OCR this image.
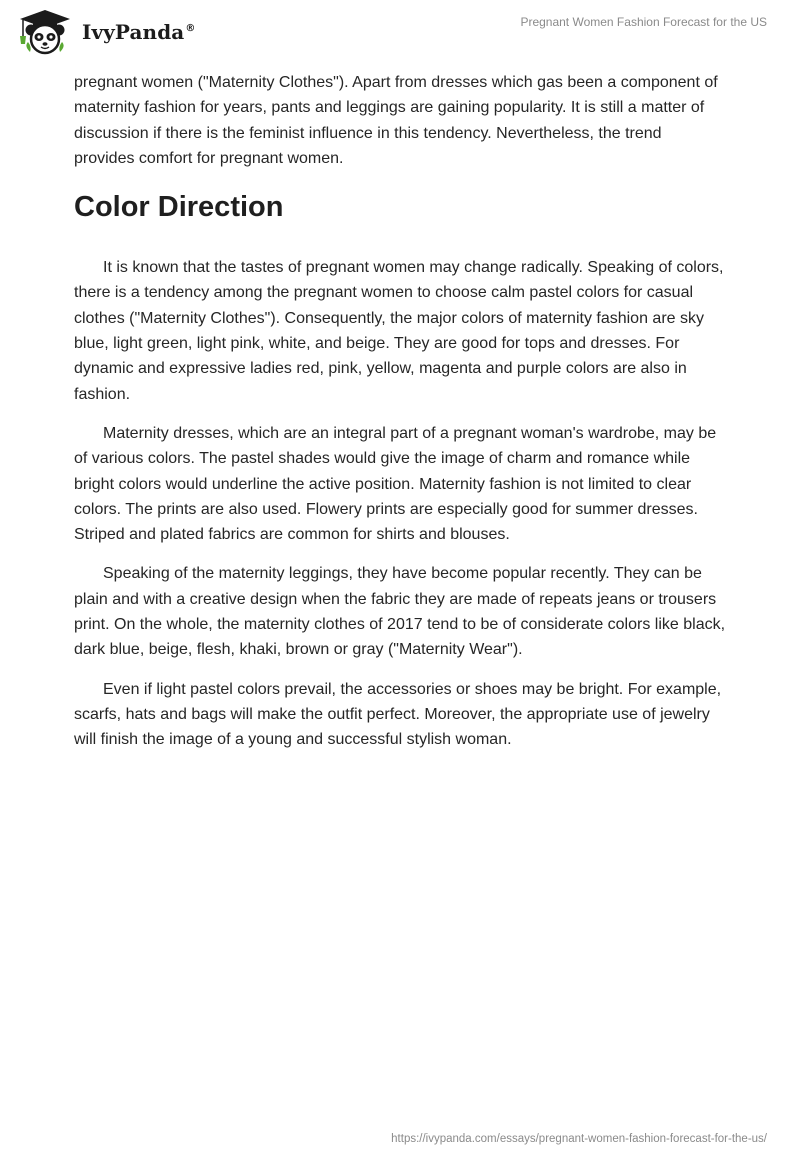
IvyPanda®	Pregnant Women Fashion Forecast for the US

pregnant women ("Maternity Clothes"). Apart from dresses which gas been a component of maternity fashion for years, pants and leggings are gaining popularity. It is still a matter of discussion if there is the feminist influence in this tendency. Nevertheless, the trend provides comfort for pregnant women.

Color Direction

It is known that the tastes of pregnant women may change radically. Speaking of colors, there is a tendency among the pregnant women to choose calm pastel colors for casual clothes ("Maternity Clothes"). Consequently, the major colors of maternity fashion are sky blue, light green, light pink, white, and beige. They are good for tops and dresses. For dynamic and expressive ladies red, pink, yellow, magenta and purple colors are also in fashion.

Maternity dresses, which are an integral part of a pregnant woman's wardrobe, may be of various colors. The pastel shades would give the image of charm and romance while bright colors would underline the active position. Maternity fashion is not limited to clear colors. The prints are also used. Flowery prints are especially good for summer dresses. Striped and plated fabrics are common for shirts and blouses.

Speaking of the maternity leggings, they have become popular recently. They can be plain and with a creative design when the fabric they are made of repeats jeans or trousers print. On the whole, the maternity clothes of 2017 tend to be of considerate colors like black, dark blue, beige, flesh, khaki, brown or gray ("Maternity Wear").

Even if light pastel colors prevail, the accessories or shoes may be bright. For example, scarfs, hats and bags will make the outfit perfect. Moreover, the appropriate use of jewelry will finish the image of a young and successful stylish woman.

https://ivypanda.com/essays/pregnant-women-fashion-forecast-for-the-us/
